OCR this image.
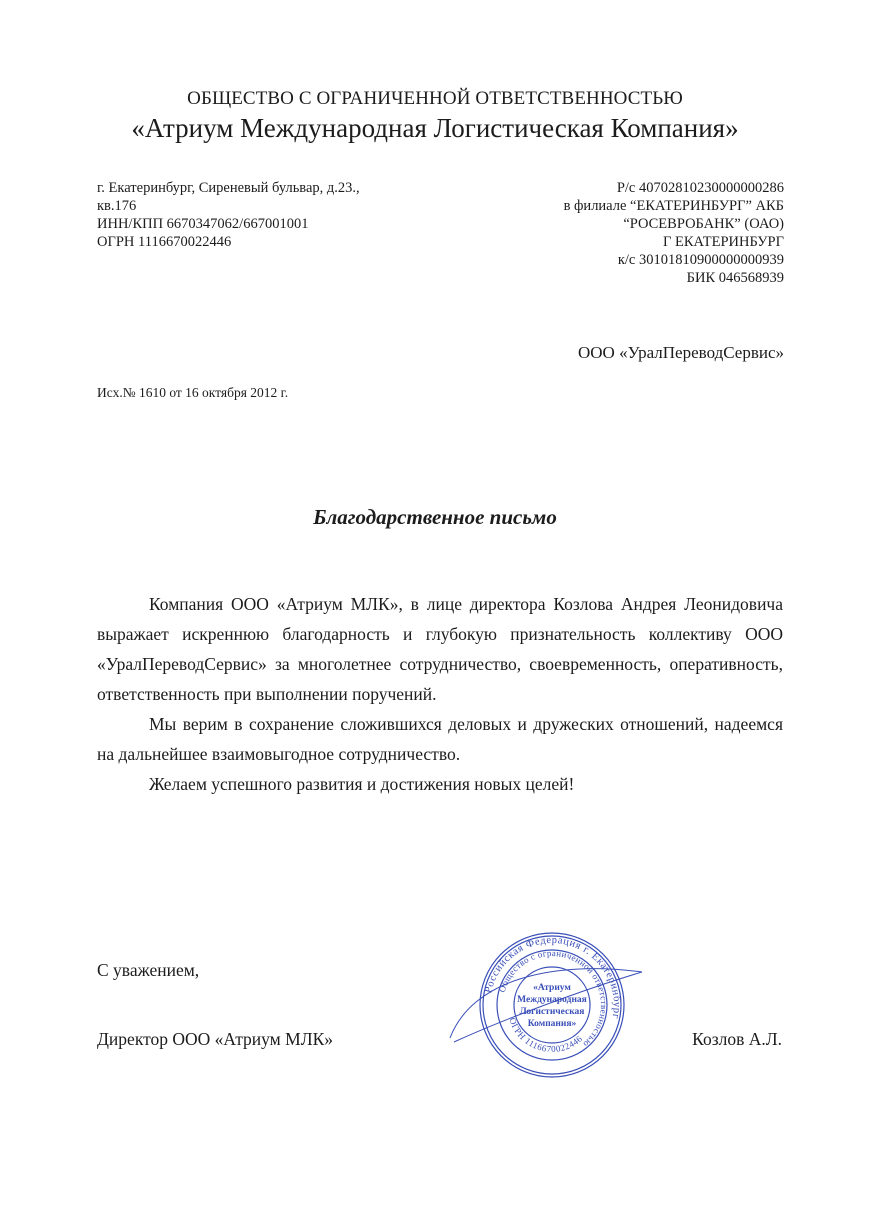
ОБЩЕСТВО С ОГРАНИЧЕННОЙ ОТВЕТСТВЕННОСТЬЮ
«Атриум Международная Логистическая Компания»
г. Екатеринбург, Сиреневый бульвар, д.23.,
кв.176
ИНН/КПП 6670347062/667001001
ОГРН 1116670022446
Р/с 40702810230000000286
в филиале “ЕКАТЕРИНБУРГ” АКБ
“РОСЕВРОБАНК” (ОАО)
Г ЕКАТЕРИНБУРГ
к/с 30101810900000000939
БИК 046568939
ООО «УралПереводСервис»
Исх.№ 1610 от 16 октября 2012 г.
Благодарственное письмо

Компания ООО «Атриум МЛК», в лице директора Козлова Андрея Леонидовича выражает искреннюю благодарность и глубокую признательность коллективу ООО «УралПереводСервис» за многолетнее сотрудничество, своевременность, оперативность, ответственность при выполнении поручений.

Мы верим в сохранение сложившихся деловых и дружеских отношений, надеемся на дальнейшее взаимовыгодное сотрудничество.

Желаем успешного развития и достижения новых целей!

С уважением,
Директор ООО «Атриум МЛК»	Козлов А.Л.
Российская Федерация г. Екатеринбург
Общество с ограниченной ответственностью
ОГРН 1116670022446
«Атриум
Международная
Логистическая
Компания»
